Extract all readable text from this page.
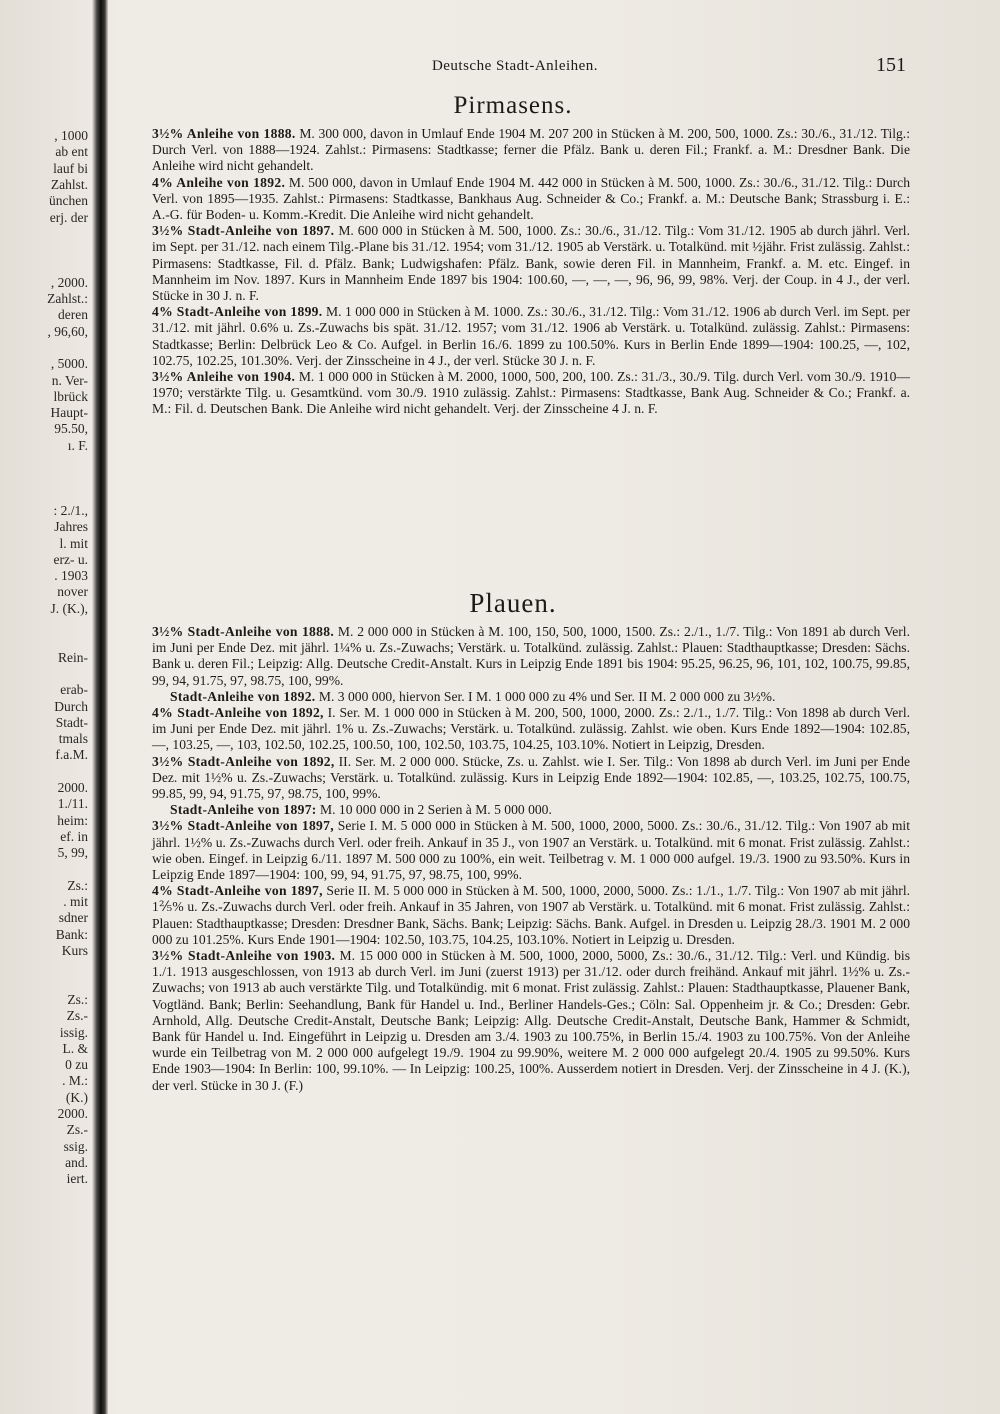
, 1000
ab ent
lauf bi
Zahlst.
ünchen
erj. der
, 2000.
Zahlst.:
deren
, 96,60,
, 5000.
n. Ver-
lbrück
Haupt-
95.50,
ı. F.
: 2./1.,
Jahres
l. mit
erz- u.
. 1903
nover
J. (K.),
Rein-
erab-
Durch
Stadt-
tmals
f.a.M.
2000.
1./11.
heim:
ef. in
5, 99,
Zs.:
. mit
sdner
Bank:
Kurs
Zs.:
Zs.-
issig.
L. &
0 zu
. M.:
(K.)
2000.
Zs.-
ssig.
and.
iert.
Deutsche Stadt-Anleihen.	151
Pirmasens.

3½% Anleihe von 1888. M. 300 000, davon in Umlauf Ende 1904 M. 207 200 in Stücken à M. 200, 500, 1000. Zs.: 30./6., 31./12. Tilg.: Durch Verl. von 1888—1924. Zahlst.: Pirmasens: Stadtkasse; ferner die Pfälz. Bank u. deren Fil.; Frankf. a. M.: Dresdner Bank. Die Anleihe wird nicht gehandelt.

4% Anleihe von 1892. M. 500 000, davon in Umlauf Ende 1904 M. 442 000 in Stücken à M. 500, 1000. Zs.: 30./6., 31./12. Tilg.: Durch Verl. von 1895—1935. Zahlst.: Pirmasens: Stadtkasse, Bankhaus Aug. Schneider & Co.; Frankf. a. M.: Deutsche Bank; Strassburg i. E.: A.-G. für Boden- u. Komm.-Kredit. Die Anleihe wird nicht gehandelt.

3½% Stadt-Anleihe von 1897. M. 600 000 in Stücken à M. 500, 1000. Zs.: 30./6., 31./12. Tilg.: Vom 31./12. 1905 ab durch jährl. Verl. im Sept. per 31./12. nach einem Tilg.-Plane bis 31./12. 1954; vom 31./12. 1905 ab Verstärk. u. Totalkünd. mit ½jähr. Frist zulässig. Zahlst.: Pirmasens: Stadtkasse, Fil. d. Pfälz. Bank; Ludwigshafen: Pfälz. Bank, sowie deren Fil. in Mannheim, Frankf. a. M. etc. Eingef. in Mannheim im Nov. 1897. Kurs in Mannheim Ende 1897 bis 1904: 100.60, —, —, —, 96, 96, 99, 98%. Verj. der Coup. in 4 J., der verl. Stücke in 30 J. n. F.

4% Stadt-Anleihe von 1899. M. 1 000 000 in Stücken à M. 1000. Zs.: 30./6., 31./12. Tilg.: Vom 31./12. 1906 ab durch Verl. im Sept. per 31./12. mit jährl. 0.6% u. Zs.-Zuwachs bis spät. 31./12. 1957; vom 31./12. 1906 ab Verstärk. u. Totalkünd. zulässig. Zahlst.: Pirmasens: Stadtkasse; Berlin: Delbrück Leo & Co. Aufgel. in Berlin 16./6. 1899 zu 100.50%. Kurs in Berlin Ende 1899—1904: 100.25, —, 102, 102.75, 102.25, 101.30%. Verj. der Zinsscheine in 4 J., der verl. Stücke 30 J. n. F.

3½% Anleihe von 1904. M. 1 000 000 in Stücken à M. 2000, 1000, 500, 200, 100. Zs.: 31./3., 30./9. Tilg. durch Verl. vom 30./9. 1910—1970; verstärkte Tilg. u. Gesamtkünd. vom 30./9. 1910 zulässig. Zahlst.: Pirmasens: Stadtkasse, Bank Aug. Schneider & Co.; Frankf. a. M.: Fil. d. Deutschen Bank. Die Anleihe wird nicht gehandelt. Verj. der Zinsscheine 4 J. n. F.

Plauen.

3½% Stadt-Anleihe von 1888. M. 2 000 000 in Stücken à M. 100, 150, 500, 1000, 1500. Zs.: 2./1., 1./7. Tilg.: Von 1891 ab durch Verl. im Juni per Ende Dez. mit jährl. 1¼% u. Zs.-Zuwachs; Verstärk. u. Totalkünd. zulässig. Zahlst.: Plauen: Stadthauptkasse; Dresden: Sächs. Bank u. deren Fil.; Leipzig: Allg. Deutsche Credit-Anstalt. Kurs in Leipzig Ende 1891 bis 1904: 95.25, 96.25, 96, 101, 102, 100.75, 99.85, 99, 94, 91.75, 97, 98.75, 100, 99%.

Stadt-Anleihe von 1892. M. 3 000 000, hiervon Ser. I M. 1 000 000 zu 4% und Ser. II M. 2 000 000 zu 3½%.

4% Stadt-Anleihe von 1892, I. Ser. M. 1 000 000 in Stücken à M. 200, 500, 1000, 2000. Zs.: 2./1., 1./7. Tilg.: Von 1898 ab durch Verl. im Juni per Ende Dez. mit jährl. 1% u. Zs.-Zuwachs; Verstärk. u. Totalkünd. zulässig. Zahlst. wie oben. Kurs Ende 1892—1904: 102.85, —, 103.25, —, 103, 102.50, 102.25, 100.50, 100, 102.50, 103.75, 104.25, 103.10%. Notiert in Leipzig, Dresden.

3½% Stadt-Anleihe von 1892, II. Ser. M. 2 000 000. Stücke, Zs. u. Zahlst. wie I. Ser. Tilg.: Von 1898 ab durch Verl. im Juni per Ende Dez. mit 1½% u. Zs.-Zuwachs; Verstärk. u. Totalkünd. zulässig. Kurs in Leipzig Ende 1892—1904: 102.85, —, 103.25, 102.75, 100.75, 99.85, 99, 94, 91.75, 97, 98.75, 100, 99%.

Stadt-Anleihe von 1897: M. 10 000 000 in 2 Serien à M. 5 000 000.

3½% Stadt-Anleihe von 1897, Serie I. M. 5 000 000 in Stücken à M. 500, 1000, 2000, 5000. Zs.: 30./6., 31./12. Tilg.: Von 1907 ab mit jährl. 1½% u. Zs.-Zuwachs durch Verl. oder freih. Ankauf in 35 J., von 1907 an Verstärk. u. Totalkünd. mit 6 monat. Frist zulässig. Zahlst.: wie oben. Eingef. in Leipzig 6./11. 1897 M. 500 000 zu 100%, ein weit. Teilbetrag v. M. 1 000 000 aufgel. 19./3. 1900 zu 93.50%. Kurs in Leipzig Ende 1897—1904: 100, 99, 94, 91.75, 97, 98.75, 100, 99%.

4% Stadt-Anleihe von 1897, Serie II. M. 5 000 000 in Stücken à M. 500, 1000, 2000, 5000. Zs.: 1./1., 1./7. Tilg.: Von 1907 ab mit jährl. 1⅖% u. Zs.-Zuwachs durch Verl. oder freih. Ankauf in 35 Jahren, von 1907 ab Verstärk. u. Totalkünd. mit 6 monat. Frist zulässig. Zahlst.: Plauen: Stadthauptkasse; Dresden: Dresdner Bank, Sächs. Bank; Leipzig: Sächs. Bank. Aufgel. in Dresden u. Leipzig 28./3. 1901 M. 2 000 000 zu 101.25%. Kurs Ende 1901—1904: 102.50, 103.75, 104.25, 103.10%. Notiert in Leipzig u. Dresden.

3½% Stadt-Anleihe von 1903. M. 15 000 000 in Stücken à M. 500, 1000, 2000, 5000, Zs.: 30./6., 31./12. Tilg.: Verl. und Kündig. bis 1./1. 1913 ausgeschlossen, von 1913 ab durch Verl. im Juni (zuerst 1913) per 31./12. oder durch freihänd. Ankauf mit jährl. 1½% u. Zs.-Zuwachs; von 1913 ab auch verstärkte Tilg. und Totalkündig. mit 6 monat. Frist zulässig. Zahlst.: Plauen: Stadthauptkasse, Plauener Bank, Vogtländ. Bank; Berlin: Seehandlung, Bank für Handel u. Ind., Berliner Handels-Ges.; Cöln: Sal. Oppenheim jr. & Co.; Dresden: Gebr. Arnhold, Allg. Deutsche Credit-Anstalt, Deutsche Bank; Leipzig: Allg. Deutsche Credit-Anstalt, Deutsche Bank, Hammer & Schmidt, Bank für Handel u. Ind. Eingeführt in Leipzig u. Dresden am 3./4. 1903 zu 100.75%, in Berlin 15./4. 1903 zu 100.75%. Von der Anleihe wurde ein Teilbetrag von M. 2 000 000 aufgelegt 19./9. 1904 zu 99.90%, weitere M. 2 000 000 aufgelegt 20./4. 1905 zu 99.50%. Kurs Ende 1903—1904: In Berlin: 100, 99.10%. — In Leipzig: 100.25, 100%. Ausserdem notiert in Dresden. Verj. der Zinsscheine in 4 J. (K.), der verl. Stücke in 30 J. (F.)
